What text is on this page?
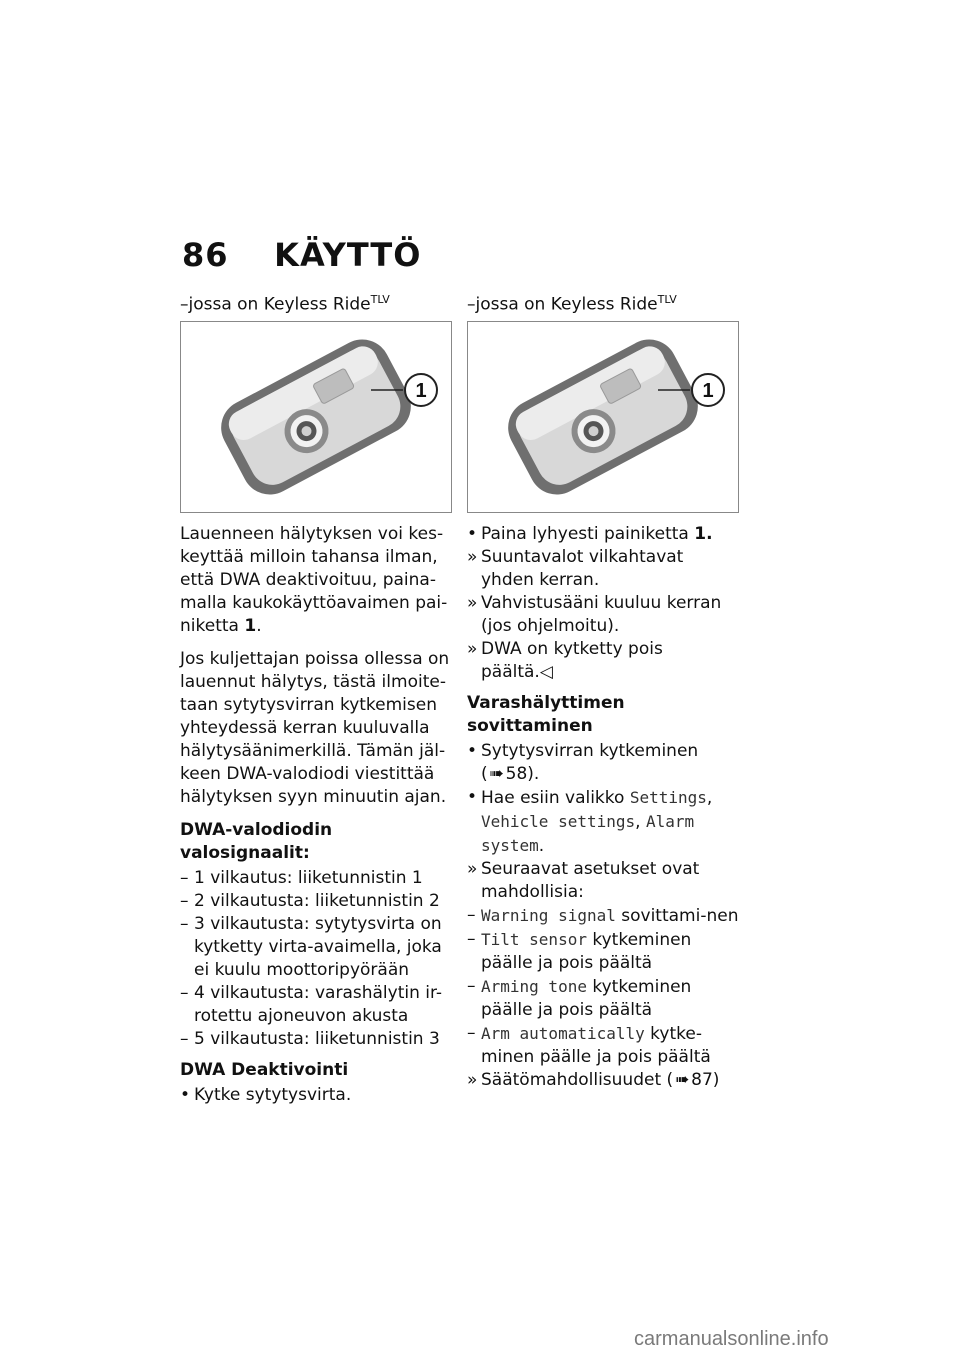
86 KÄYTTÖ
–jossa on Keyless Ride$^{TLV}$
1

Lauenneen hälytyksen voi kes-keyttää milloin tahansa ilman, että DWA deaktivoituu, paina-malla kaukokäyttöavaimen pai-niketta 1.

Jos kuljettajan poissa ollessa on lauennut hälytys, tästä ilmoite-taan sytytysvirran kytkemisen yhteydessä kerran kuuluvalla hälytysäänimerkillä. Tämän jäl-keen DWA-valodiodi viestittää hälytyksen syyn minuutin ajan.

DWA-valodiodin valosignaalit:
– 1 vilkautus: liiketunnistin 1
– 2 vilkautusta: liiketunnistin 2
– 3 vilkautusta: sytytysvirta on kytketty virta-avaimella, joka ei kuulu moottoripyörään
– 4 vilkautusta: varashälytin ir-rotettu ajoneuvon akusta
– 5 vilkautusta: liiketunnistin 3
DWA Deaktivointi
• Kytke sytytysvirta.
–jossa on Keyless Ride$^{TLV}$
1
• Paina lyhyesti painiketta 1.
» Suuntavalot vilkahtavat yhden kerran.
» Vahvistusääni kuuluu kerran (jos ohjelmoitu).
» DWA on kytketty pois päältä.◁
Varashälyttimen sovittaminen
• Sytytysvirran kytkeminen
( ➠ 58).
• Hae esiin valikko Settings, Vehicle settings, Alarm system.
» Seuraavat asetukset ovat mahdollisia:
– Warning signal sovittami-nen
– Tilt sensor kytkeminen päälle ja pois päältä
– Arming tone kytkeminen päälle ja pois päältä
– Arm automatically kytke-minen päälle ja pois päältä
» Säätömahdollisuudet ( ➠ 87)
carmanualsonline.info
